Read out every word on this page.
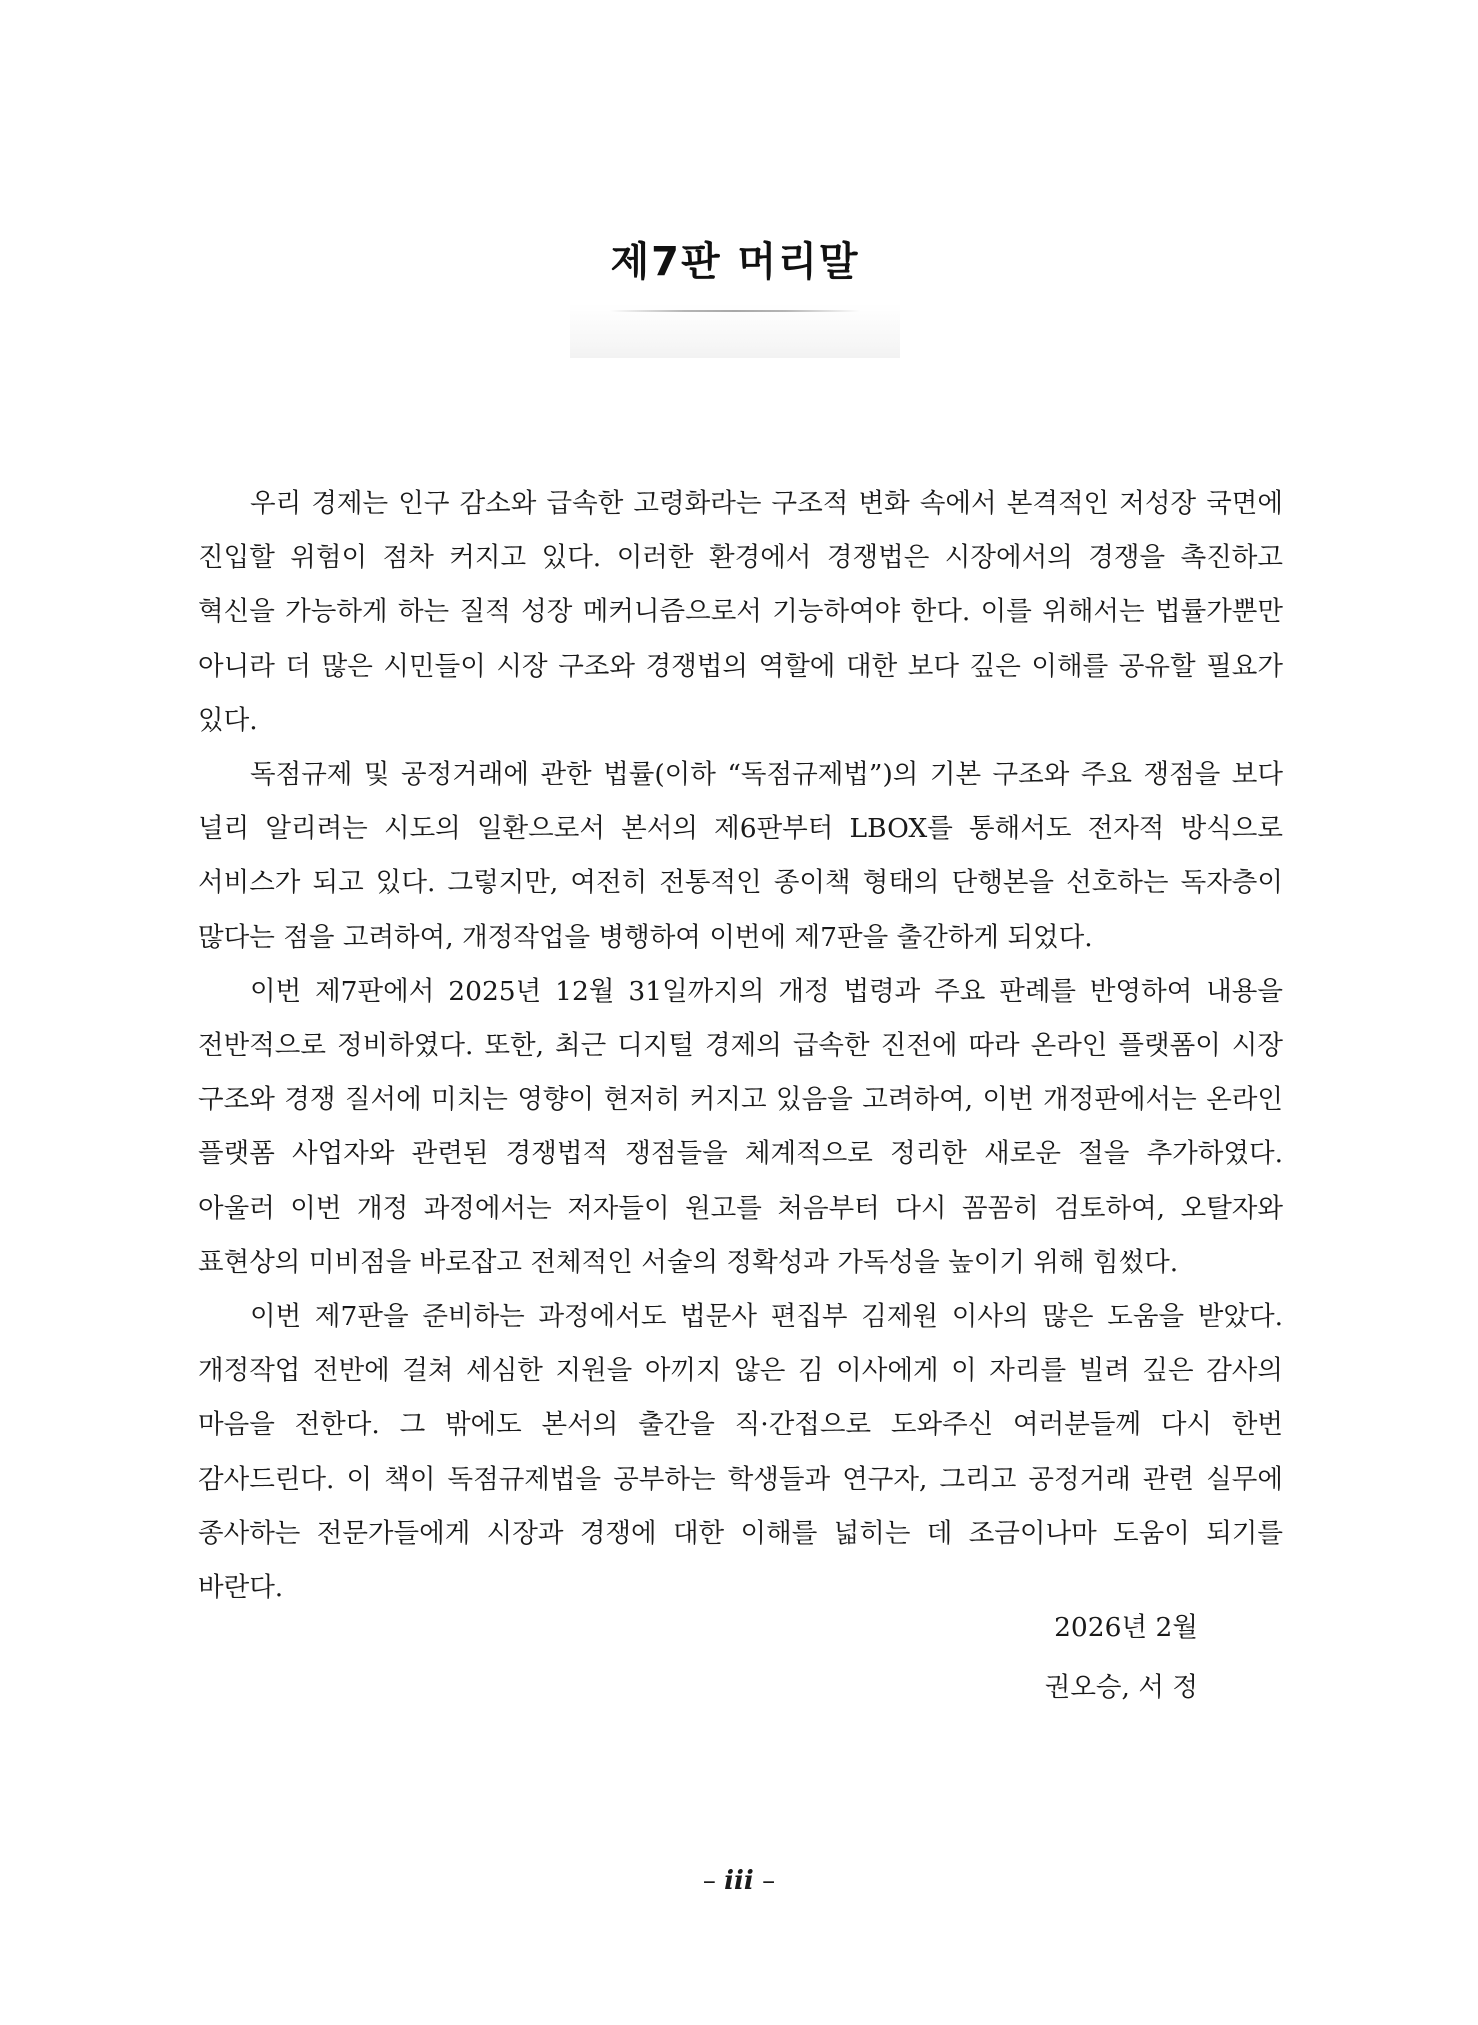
제7판 머리말

우리 경제는 인구 감소와 급속한 고령화라는 구조적 변화 속에서 본격적인 저성장 국면에 진입할 위험이 점차 커지고 있다. 이러한 환경에서 경쟁법은 시장에서의 경쟁을 촉진하고 혁신을 가능하게 하는 질적 성장 메커니즘으로서 기능하여야 한다. 이를 위해서는 법률가뿐만 아니라 더 많은 시민들이 시장 구조와 경쟁법의 역할에 대한 보다 깊은 이해를 공유할 필요가 있다.

독점규제 및 공정거래에 관한 법률(이하 “독점규제법”)의 기본 구조와 주요 쟁점을 보다 널리 알리려는 시도의 일환으로서 본서의 제6판부터 LBOX를 통해서도 전자적 방식으로 서비스가 되고 있다. 그렇지만, 여전히 전통적인 종이책 형태의 단행본을 선호하는 독자층이 많다는 점을 고려하여, 개정작업을 병행하여 이번에 제7판을 출간하게 되었다.

이번 제7판에서 2025년 12월 31일까지의 개정 법령과 주요 판례를 반영하여 내용을 전반적으로 정비하였다. 또한, 최근 디지털 경제의 급속한 진전에 따라 온라인 플랫폼이 시장 구조와 경쟁 질서에 미치는 영향이 현저히 커지고 있음을 고려하여, 이번 개정판에서는 온라인 플랫폼 사업자와 관련된 경쟁법적 쟁점들을 체계적으로 정리한 새로운 절을 추가하였다. 아울러 이번 개정 과정에서는 저자들이 원고를 처음부터 다시 꼼꼼히 검토하여, 오탈자와 표현상의 미비점을 바로잡고 전체적인 서술의 정확성과 가독성을 높이기 위해 힘썼다.

이번 제7판을 준비하는 과정에서도 법문사 편집부 김제원 이사의 많은 도움을 받았다. 개정작업 전반에 걸쳐 세심한 지원을 아끼지 않은 김 이사에게 이 자리를 빌려 깊은 감사의 마음을 전한다. 그 밖에도 본서의 출간을 직·간접으로 도와주신 여러분들께 다시 한번 감사드린다. 이 책이 독점규제법을 공부하는 학생들과 연구자, 그리고 공정거래 관련 실무에 종사하는 전문가들에게 시장과 경쟁에 대한 이해를 넓히는 데 조금이나마 도움이 되기를 바란다.

2026년 2월
권오승, 서 정
– iii –
